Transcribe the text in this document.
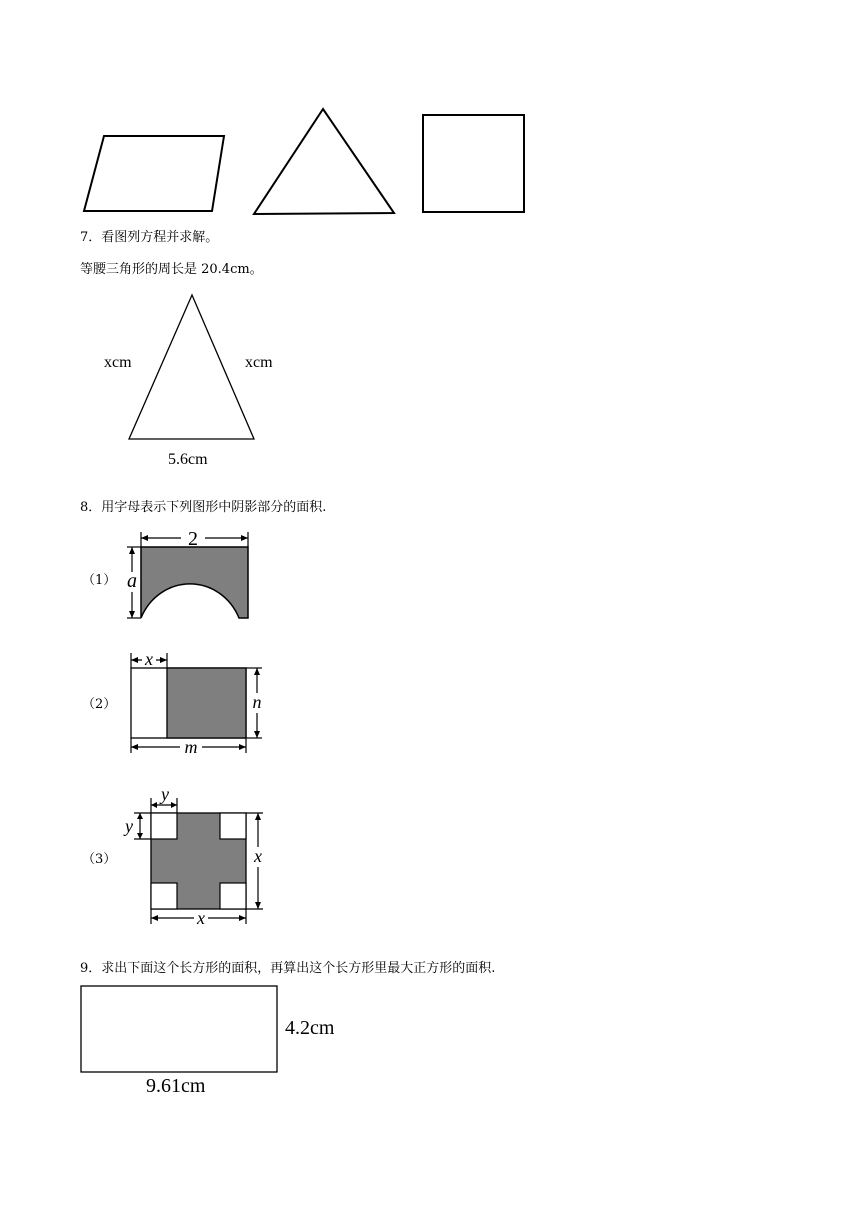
7．看图列方程并求解。
等腰三角形的周长是 20.4cm。
xcm	xcm
5.6cm
8．用字母表示下列图形中阴影部分的面积.
（1）
2
a
（2）
x
n
m
（3）
y
y
x
x
9．求出下面这个长方形的面积，再算出这个长方形里最大正方形的面积.
4.2cm
9.61cm
